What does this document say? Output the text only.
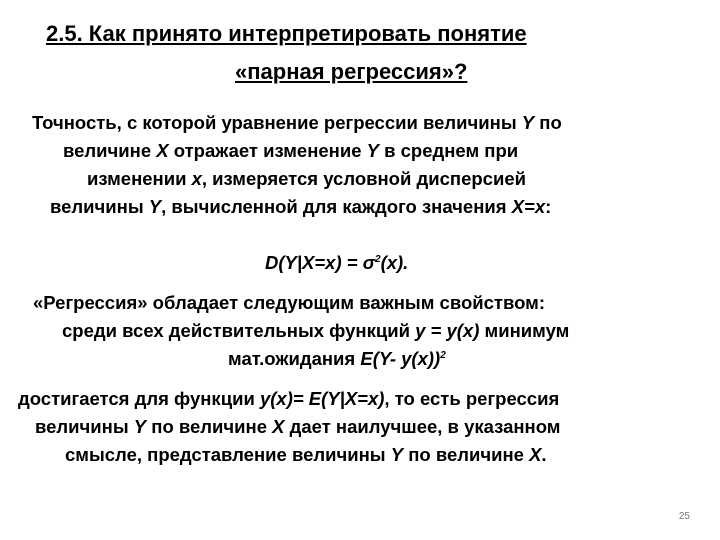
2.5. Как принято интерпретировать понятие
«парная регрессия»?
Точность, с которой уравнение регрессии величины Y по
величине X отражает изменение Y в среднем при
изменении x, измеряется условной дисперсией
величины Y, вычисленной для каждого значения X=x:
$D(Y|X=x) = \sigma^2(x)$.
«Регрессия» обладает следующим важным свойством:
среди всех действительных функций y = y(x) минимум
мат.ожидания E(Y- y(x))$^2$
достигается для функции y(x)= E(Y|X=x), то есть регрессия
величины Y по величине X дает наилучшее, в указанном
смысле, представление величины Y по величине X.
25
